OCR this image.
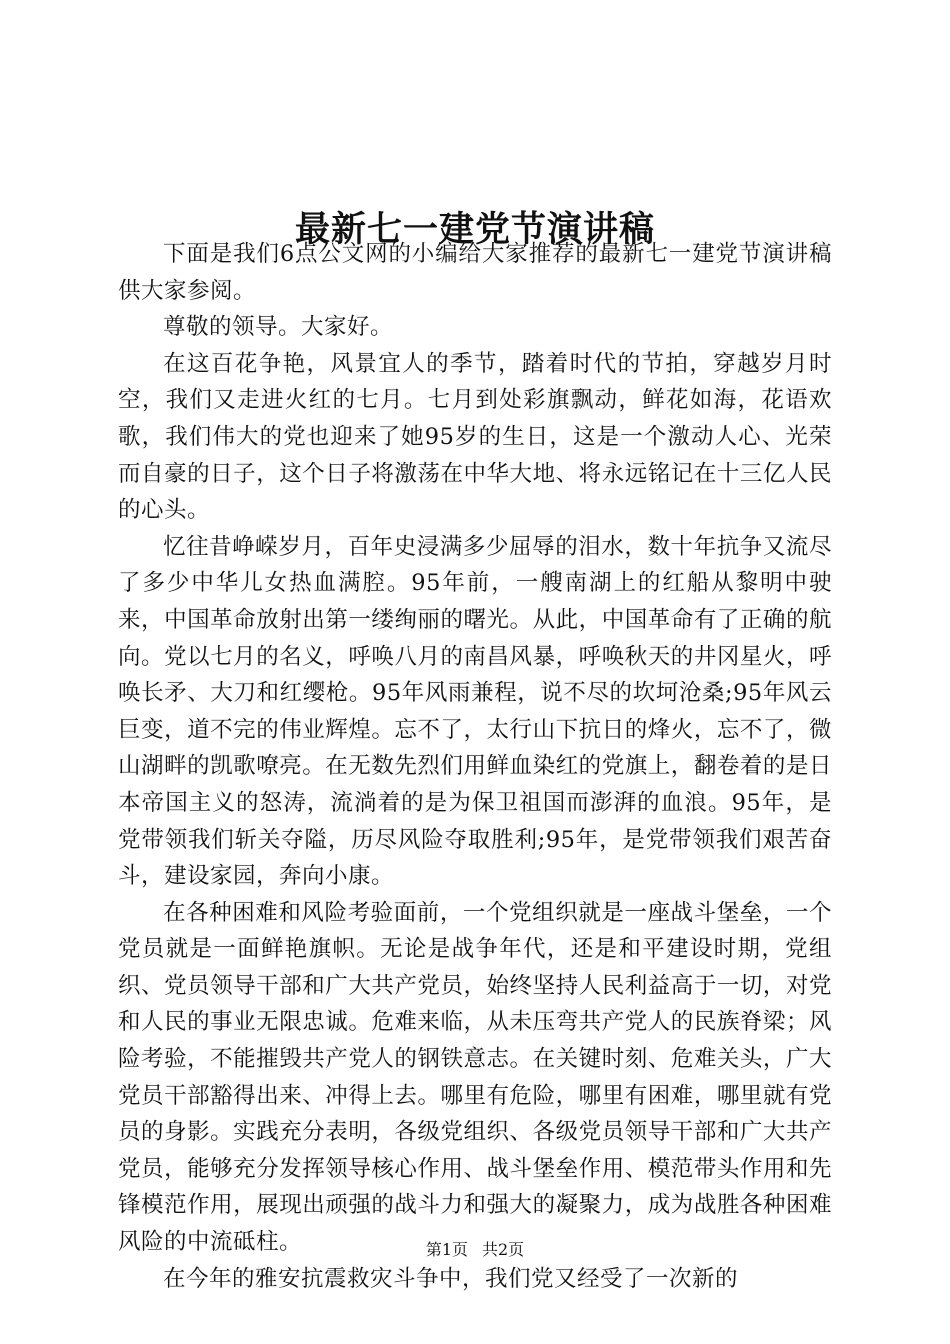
最新七一建党节演讲稿

下面是我们6点公文网的小编给大家推荐的最新七一建党节演讲稿供大家参阅。

尊敬的领导。大家好。

在这百花争艳，风景宜人的季节，踏着时代的节拍，穿越岁月时空，我们又走进火红的七月。七月到处彩旗飘动，鲜花如海，花语欢歌，我们伟大的党也迎来了她95岁的生日，这是一个激动人心、光荣而自豪的日子，这个日子将激荡在中华大地、将永远铭记在十三亿人民的心头。

忆往昔峥嵘岁月，百年史浸满多少屈辱的泪水，数十年抗争又流尽了多少中华儿女热血满腔。95年前，一艘南湖上的红船从黎明中驶来，中国革命放射出第一缕绚丽的曙光。从此，中国革命有了正确的航向。党以七月的名义，呼唤八月的南昌风暴，呼唤秋天的井冈星火，呼唤长矛、大刀和红缨枪。95年风雨兼程，说不尽的坎坷沧桑;95年风云巨变，道不完的伟业辉煌。忘不了，太行山下抗日的烽火，忘不了，微山湖畔的凯歌嘹亮。在无数先烈们用鲜血染红的党旗上，翻卷着的是日本帝国主义的怒涛，流淌着的是为保卫祖国而澎湃的血浪。95年，是党带领我们斩关夺隘，历尽风险夺取胜利;95年，是党带领我们艰苦奋斗，建设家园，奔向小康。

在各种困难和风险考验面前，一个党组织就是一座战斗堡垒，一个党员就是一面鲜艳旗帜。无论是战争年代，还是和平建设时期，党组织、党员领导干部和广大共产党员，始终坚持人民利益高于一切，对党和人民的事业无限忠诚。危难来临，从未压弯共产党人的民族脊梁；风险考验，不能摧毁共产党人的钢铁意志。在关键时刻、危难关头，广大党员干部豁得出来、冲得上去。哪里有危险，哪里有困难，哪里就有党员的身影。实践充分表明，各级党组织、各级党员领导干部和广大共产党员，能够充分发挥领导核心作用、战斗堡垒作用、模范带头作用和先锋模范作用，展现出顽强的战斗力和强大的凝聚力，成为战胜各种困难风险的中流砥柱。

在今年的雅安抗震救灾斗争中，我们党又经受了一次新的

第1页 共2页
